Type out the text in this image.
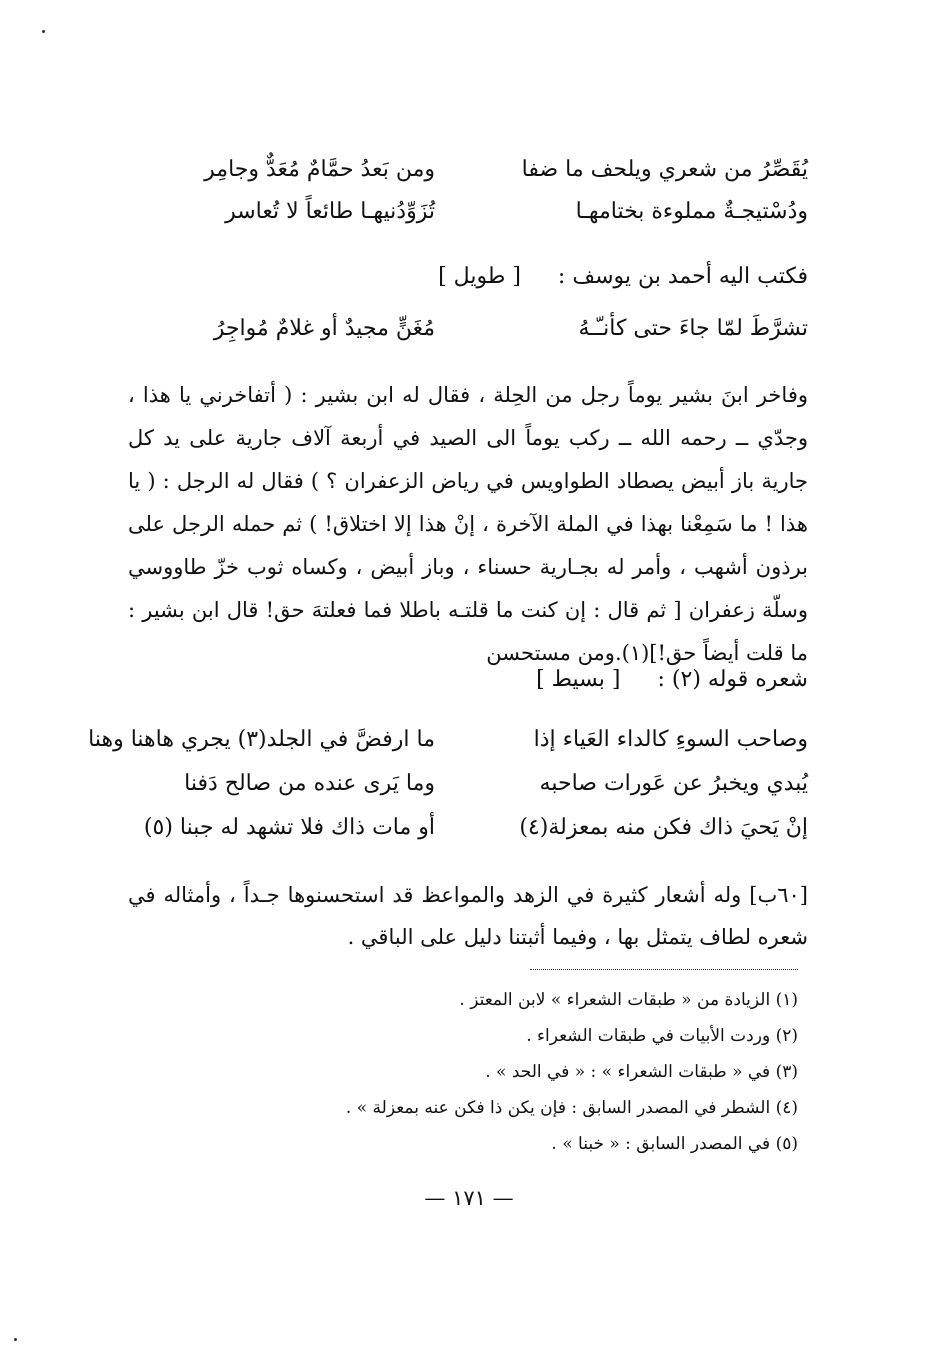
يُقَصِّرُ من شعري ويلحف ما ضفا
ومن بَعدُ حمَّامٌ مُعَدٌّ وجامِر
ودُسْتيجـةٌ مملوءة بختامهـا
تُزَوِّدُنيهـا طائعاً لا تُعاسر
فكتب اليه أحمد بن يوسف : [ طويل ]
تشرَّطَ لمّا جاءَ حتى كأنـّـهُ
مُغَنٍّ مجيدٌ أو غلامٌ مُواجِرُ

وفاخر ابنَ بشير يوماً رجل من الحِلة ، فقال له ابن بشير : ( أتفاخرني يا هذا ، وجدّي ــ رحمه الله ــ ركب يوماً الى الصيد في أربعة آلاف جارية على يد كل جارية باز أبيض يصطاد الطواويس في رياض الزعفران ؟ ) فقال له الرجل : ( يا هذا ! ما سَمِعْنا بهذا في الملة الآخرة ، إنْ هذا إلا اختلاق! ) ثم حمله الرجل على برذون أشهب ، وأمر له بجـارية حسناء ، وباز أبيض ، وكساه ثوب خزّ طاووسي وسلّة زعفران [ ثم قال : إن كنت ما قلتـه باطلا فما فعلتهَ حق! قال ابن بشير : ما قلت أيضاً حق!](١).ومن مستحسن

شعره قوله (٢) : [ بسيط ]
وصاحب السوءِ كالداء العَياء إذا
ما ارفضَّ في الجلد(٣) يجري هاهنا وهنا
يُبدي ويخبرُ عن عَورات صاحبه
وما يَرى عنده من صالح دَفنا
إنْ يَحيَ ذاك فكن منه بمعزلة(٤)
أو مات ذاك فلا تشهد له جبنا (٥)
[٦٠ب] وله أشعار كثيرة في الزهد والمواعظ قد استحسنوها جـداً ، وأمثاله في شعره لطاف يتمثل بها ، وفيما أثبتنا دليل على الباقي .
(١) الزيادة من « طبقات الشعراء » لابن المعتز .
(٢) وردت الأبيات في طبقات الشعراء .
(٣) في « طبقات الشعراء » : « في الحد » .
(٤) الشطر في المصدر السابق : فإن يكن ذا فكن عنه بمعزلة » .
(٥) في المصدر السابق : « خبنا » .
— ١٧١ —
